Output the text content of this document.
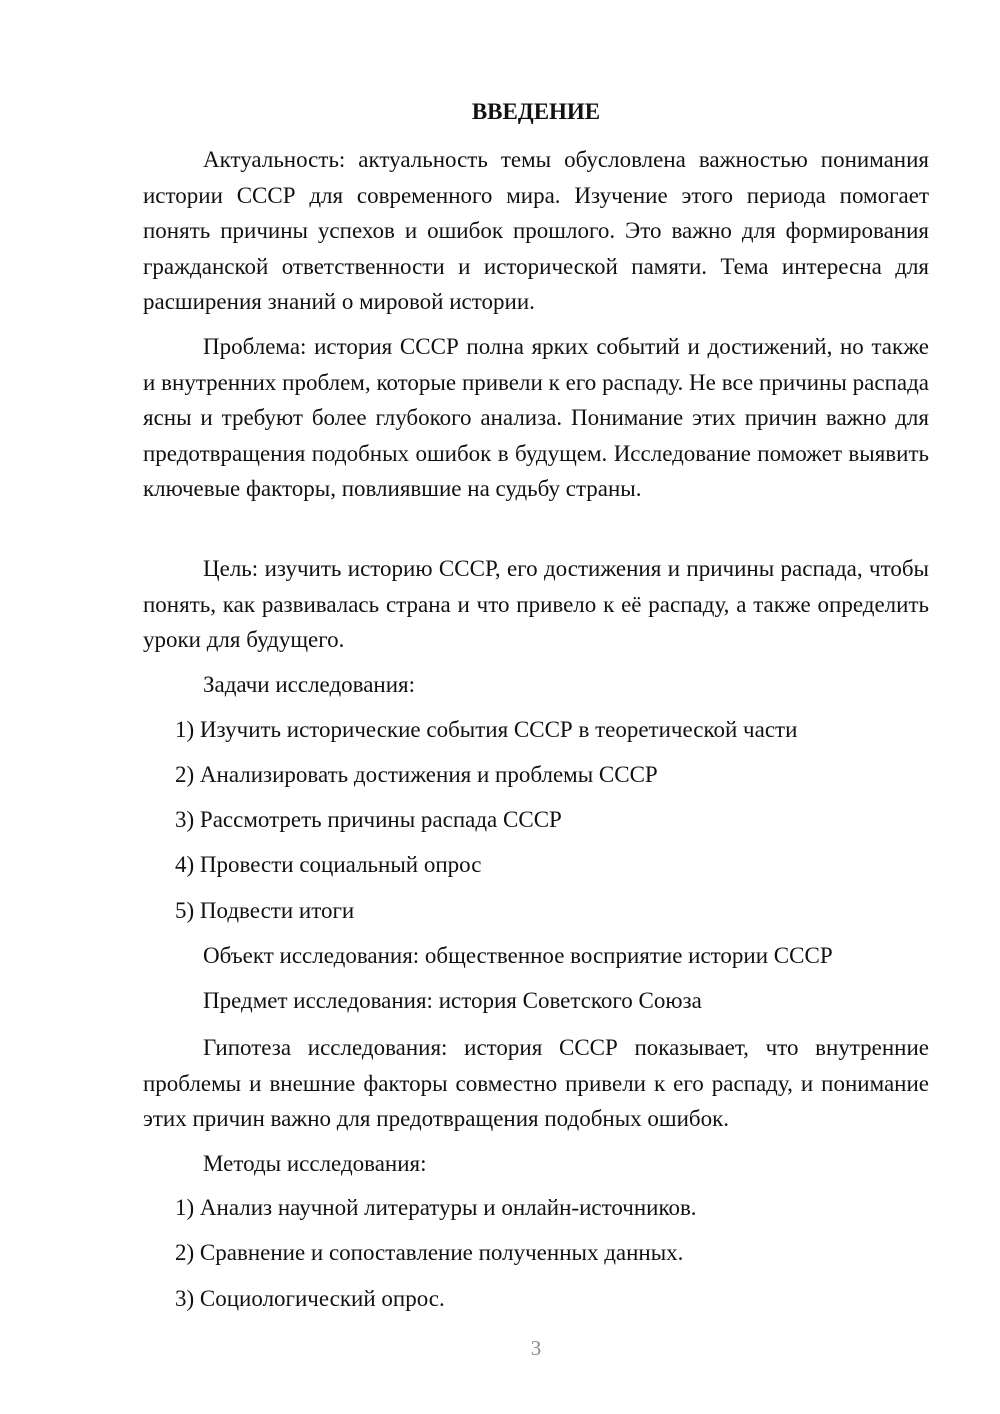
ВВЕДЕНИЕ

Актуальность: актуальность темы обусловлена важностью понимания истории СССР для современного мира. Изучение этого периода помогает понять причины успехов и ошибок прошлого. Это важно для формирования гражданской ответственности и исторической памяти. Тема интересна для расширения знаний о мировой истории.

Проблема: история СССР полна ярких событий и достижений, но также и внутренних проблем, которые привели к его распаду. Не все причины распада ясны и требуют более глубокого анализа. Понимание этих причин важно для предотвращения подобных ошибок в будущем. Исследование поможет выявить ключевые факторы, повлиявшие на судьбу страны.

Цель: изучить историю СССР, его достижения и причины распада, чтобы понять, как развивалась страна и что привело к её распаду, а также определить уроки для будущего.

Задачи исследования:
1) Изучить исторические события СССР в теоретической части
2) Анализировать достижения и проблемы СССР
3) Рассмотреть причины распада СССР
4) Провести социальный опрос
5) Подвести итоги
Объект исследования: общественное восприятие истории СССР
Предмет исследования: история Советского Союза

Гипотеза исследования: история СССР показывает, что внутренние проблемы и внешние факторы совместно привели к его распаду, и понимание этих причин важно для предотвращения подобных ошибок.

Методы исследования:
1) Анализ научной литературы и онлайн-источников.
2) Сравнение и сопоставление полученных данных.
3) Социологический опрос.
3
